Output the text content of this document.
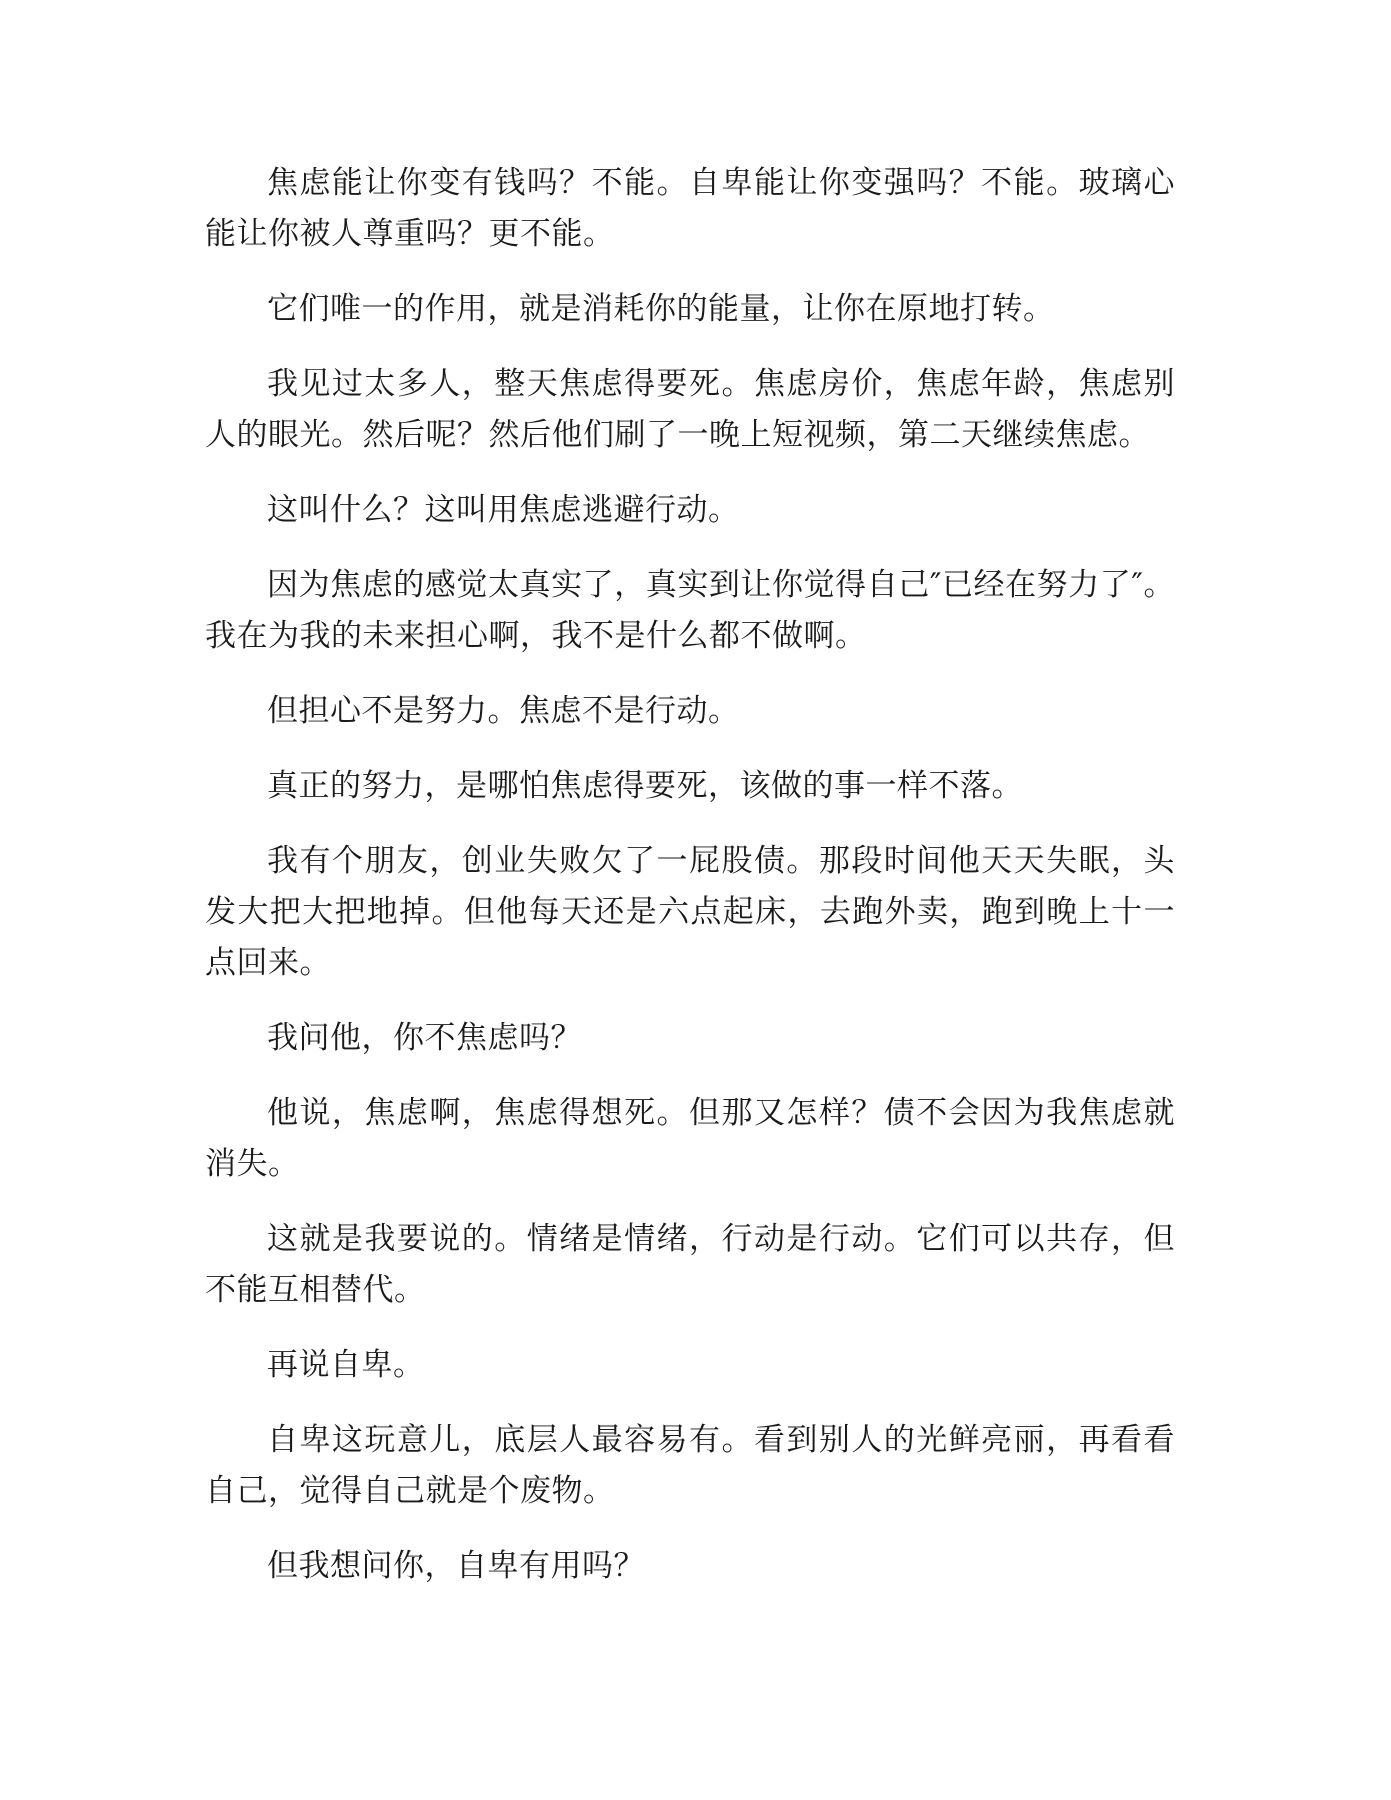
焦虑能让你变有钱吗？不能。自卑能让你变强吗？不能。玻璃心能让你被人尊重吗？更不能。

它们唯一的作用，就是消耗你的能量，让你在原地打转。

我见过太多人，整天焦虑得要死。焦虑房价，焦虑年龄，焦虑别人的眼光。然后呢？然后他们刷了一晚上短视频，第二天继续焦虑。

这叫什么？这叫用焦虑逃避行动。

因为焦虑的感觉太真实了，真实到让你觉得自己″已经在努力了″。我在为我的未来担心啊，我不是什么都不做啊。

但担心不是努力。焦虑不是行动。

真正的努力，是哪怕焦虑得要死，该做的事一样不落。

我有个朋友，创业失败欠了一屁股债。那段时间他天天失眠，头发大把大把地掉。但他每天还是六点起床，去跑外卖，跑到晚上十一点回来。

我问他，你不焦虑吗？

他说，焦虑啊，焦虑得想死。但那又怎样？债不会因为我焦虑就消失。

这就是我要说的。情绪是情绪，行动是行动。它们可以共存，但不能互相替代。

再说自卑。

自卑这玩意儿，底层人最容易有。看到别人的光鲜亮丽，再看看自己，觉得自己就是个废物。

但我想问你，自卑有用吗？
